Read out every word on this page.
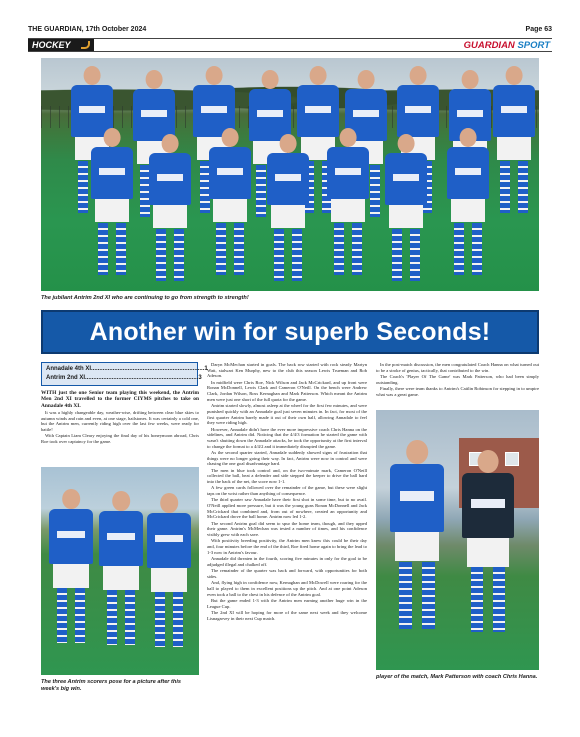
THE GUARDIAN, 17th October 2024	Page 63
HOCKEY	GUARDIAN SPORT
The jubilant Antrim 2nd XI who are continuing to go from strength to strength!
Another win for superb Seconds!
Annadale 4th XI .................................................................... 1
Antrim 2nd XI .................................................................... 3

WITH just the one Senior team playing this weekend, the Antrim Men 2nd XI travelled to the former CIYMS pitches to take on Annadale 4th XI.

It was a highly changeable day, weather-wise, drifting between clear blue skies to autumn winds and rain and even, at one stage, hailstones. It was certainly a cold one, but the Antrim men, currently riding high over the last few weeks, were ready for battle!

With Captain Liam Cleary enjoying the final day of his honeymoon abroad, Chris Roe took over captaincy for the game.

The three Antrim scorers pose for a picture after this week's big win.

Daryn McMechan started in goals. The back row started with rock steady Martyn Watt, stalwart Ken Murphy, new to the club this season Lewis Trueman and Rob Adeson.

In midfield were Chris Roe, Nick Wilson and Jack McCrickard, and up front were Ronan McDonnell, Lewis Clark and Cameron O'Neill. On the bench were Andrew Clark, Jordan Wilson, Ross Kernaghan and Mark Patterson. Which meant the Antrim men were just one short of the full quota for the game.

Antrim started slowly, almost asleep at the wheel for the first few minutes, and were punished quickly with an Annadale goal just seven minutes in. In fact, for most of the first quarter Antrim barely made it out of their own half, allowing Annadale to feel they were riding high.

However, Annadale didn't have the ever more impressive coach Chris Hanna on the sidelines, and Antrim did. Noticing that the 4/4/3 formation he started the game with wasn't shutting down the Annadale attacks, he took the opportunity at the first interval to change the format to a 4/4/2 and it immediately disrupted the game.

As the second quarter started, Annadale suddenly showed signs of frustration that things were no longer going their way. In fact, Antrim were now in control and were chasing the one goal disadvantage hard.

The men in blue took control and, on the two-minute mark, Cameron O'Neill collected the ball, beat a defender and side stepped the keeper to drive the ball hard into the back of the net, the score now 1-1.

A few green cards followed over the remainder of the game, but these were slight taps on the wrist rather than anything of consequence.

The third quarter saw Annadale have their first shot in some time, but to no avail. O'Neill applied more pressure, but it was the young guns Ronan McDonnell and Jack McCrickard that combined and, from out of nowhere, created an opportunity and McCrickard drove the ball home. Antrim now led 1-2.

The second Antrim goal did seem to spur the home team, though, and they upped their game. Antrim's McMechan was tested a number of times, and his confidence visibly grew with each save.

With positivity breeding positivity, the Antrim men knew this could be their day and, four minutes before the end of the third, Roe fired home again to bring the lead to 1-3 now in Antrim's favour.

Annadale did threaten in the fourth, scoring five minutes in only for the goal to be adjudged illegal and chalked off.

The remainder of the quarter was back and forward, with opportunities for both sides.

And, flying high in confidence now, Kernaghan and McDowell were roaring for the ball to played to them in excellent positions up the pitch. And at one point Adeson even took a ball to the chest in his defence of the Antrim goal.

But the game ended 1-3 with the Antrim men earning another huge win in the League Cup.

The 2nd XI will be hoping for more of the same next week and they welcome Lisnagarvey in their next Cup match.

In the post-match discussion, the men congratulated Coach Hanna on what turned out to be a stroke of genius, tactically, that contributed to the win.

The Coach's 'Player Of The Game' was Mark Patterson, who had been simply outstanding.

Finally, there were team thanks to Antrim's Caitlin Robinson for stepping in to umpire what was a great game.

player of the match, Mark Patterson with coach Chris Hanna.
